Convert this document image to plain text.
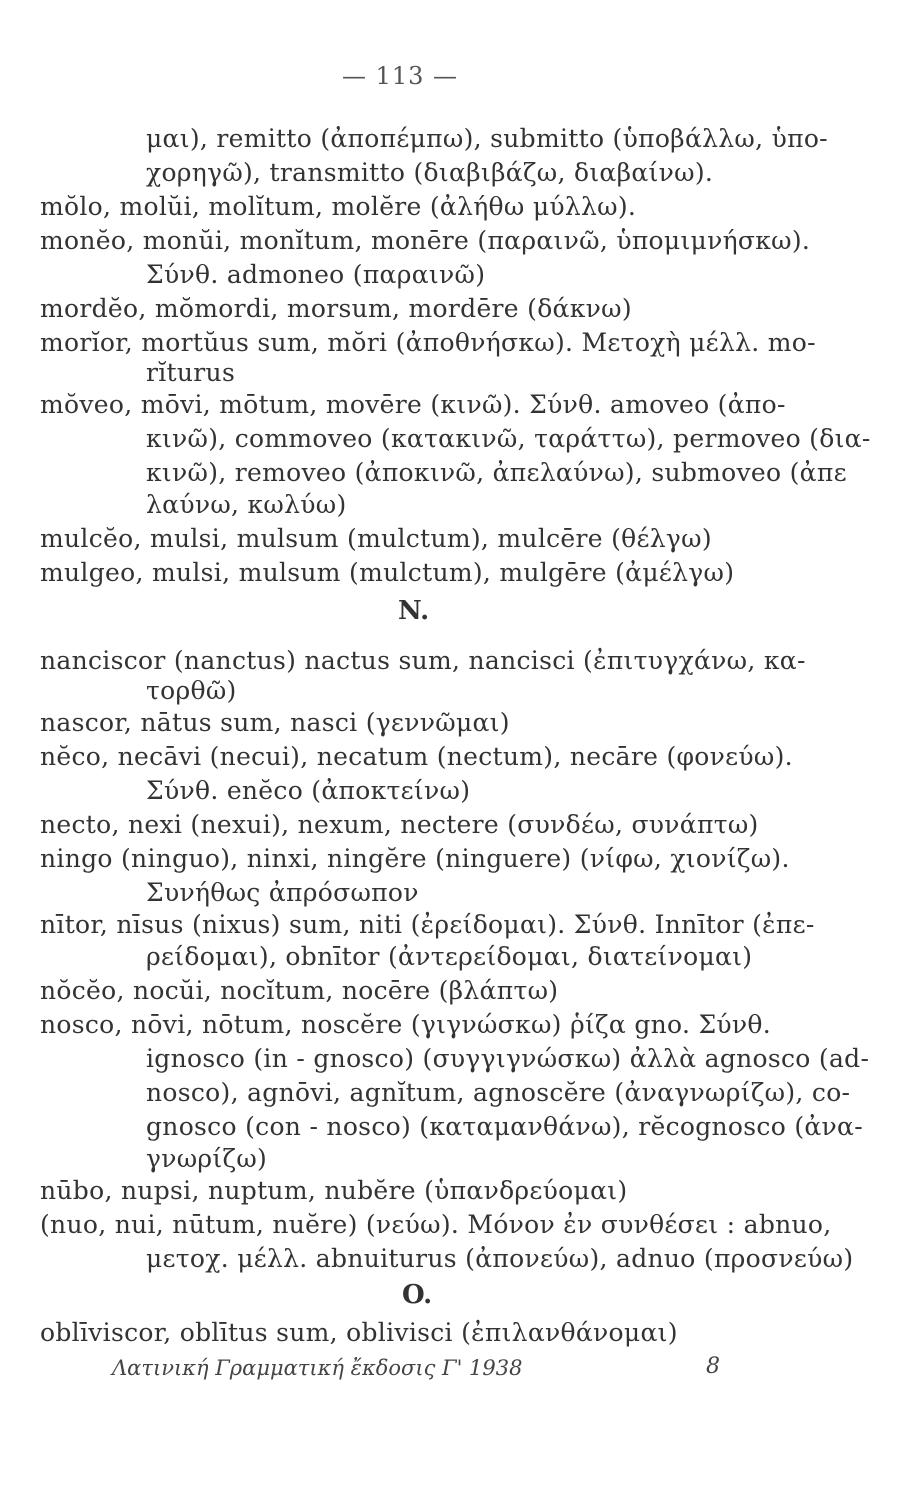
— 113 —
μαι), remitto (ἀποπέμπω), submitto (ὑποβάλλω, ὑπο-
χορηγῶ), transmitto (διαβιβάζω, διαβαίνω).
mŏlo, molŭi, molĭtum, molĕre (ἀλήθω μύλλω).
monĕo, monŭi, monĭtum, monēre (παραινῶ, ὑπομιμνήσκω).
Σύνθ. admoneo (παραινῶ)
mordĕo, mŏmordi, morsum, mordēre (δάκνω)
morĭor, mortŭus sum, mŏri (ἀποθνήσκω). Μετοχὴ μέλλ. mo-
rĭturus
mŏveo, mōvi, mōtum, movēre (κινῶ). Σύνθ. amoveo (ἀπο-
κινῶ), commoveo (κατακινῶ, ταράττω), permoveo (δια-
κινῶ), removeo (ἀποκινῶ, ἀπελαύνω), submoveo (ἀπε
λαύνω, κωλύω)
mulcĕo, mulsi, mulsum (mulctum), mulcēre (θέλγω)
mulgeo, mulsi, mulsum (mulctum), mulgēre (ἀμέλγω)
N.
nanciscor (nanctus) nactus sum, nancisci (ἐπιτυγχάνω, κα-
τορθῶ)
nascor, nātus sum, nasci (γεννῶμαι)
nĕco, necāvi (necui), necatum (nectum), necāre (φονεύω).
Σύνθ. enĕco (ἀποκτείνω)
necto, nexi (nexui), nexum, nectere (συνδέω, συνάπτω)
ningo (ninguo), ninxi, ningĕre (ninguere) (νίφω, χιονίζω).
Συνήθως ἀπρόσωπον
nītor, nīsus (nixus) sum, niti (ἐρείδομαι). Σύνθ. Innītor (ἐπε-
ρείδομαι), obnītor (ἀντερείδομαι, διατείνομαι)
nŏcĕo, nocŭi, nocĭtum, nocēre (βλάπτω)
nosco, nōvi, nōtum, noscĕre (γιγνώσκω) ῥίζα gno. Σύνθ.
ignosco (in - gnosco) (συγγιγνώσκω) ἀλλὰ agnosco (ad-
nosco), agnōvi, agnĭtum, agnoscĕre (ἀναγνωρίζω), co-
gnosco (con - nosco) (καταμανθάνω), rĕcognosco (ἀνα-
γνωρίζω)
nūbo, nupsi, nuptum, nubĕre (ὑπανδρεύομαι)
(nuo, nui, nūtum, nuĕre) (νεύω). Μόνον ἐν συνθέσει : abnuo,
μετοχ. μέλλ. abnuiturus (ἀπονεύω), adnuo (προσνεύω)
O.
oblīviscor, oblītus sum, oblivisci (ἐπιλανθάνομαι)
Λατινική Γραμματική ἔκδοσις Γ' 1938	8
